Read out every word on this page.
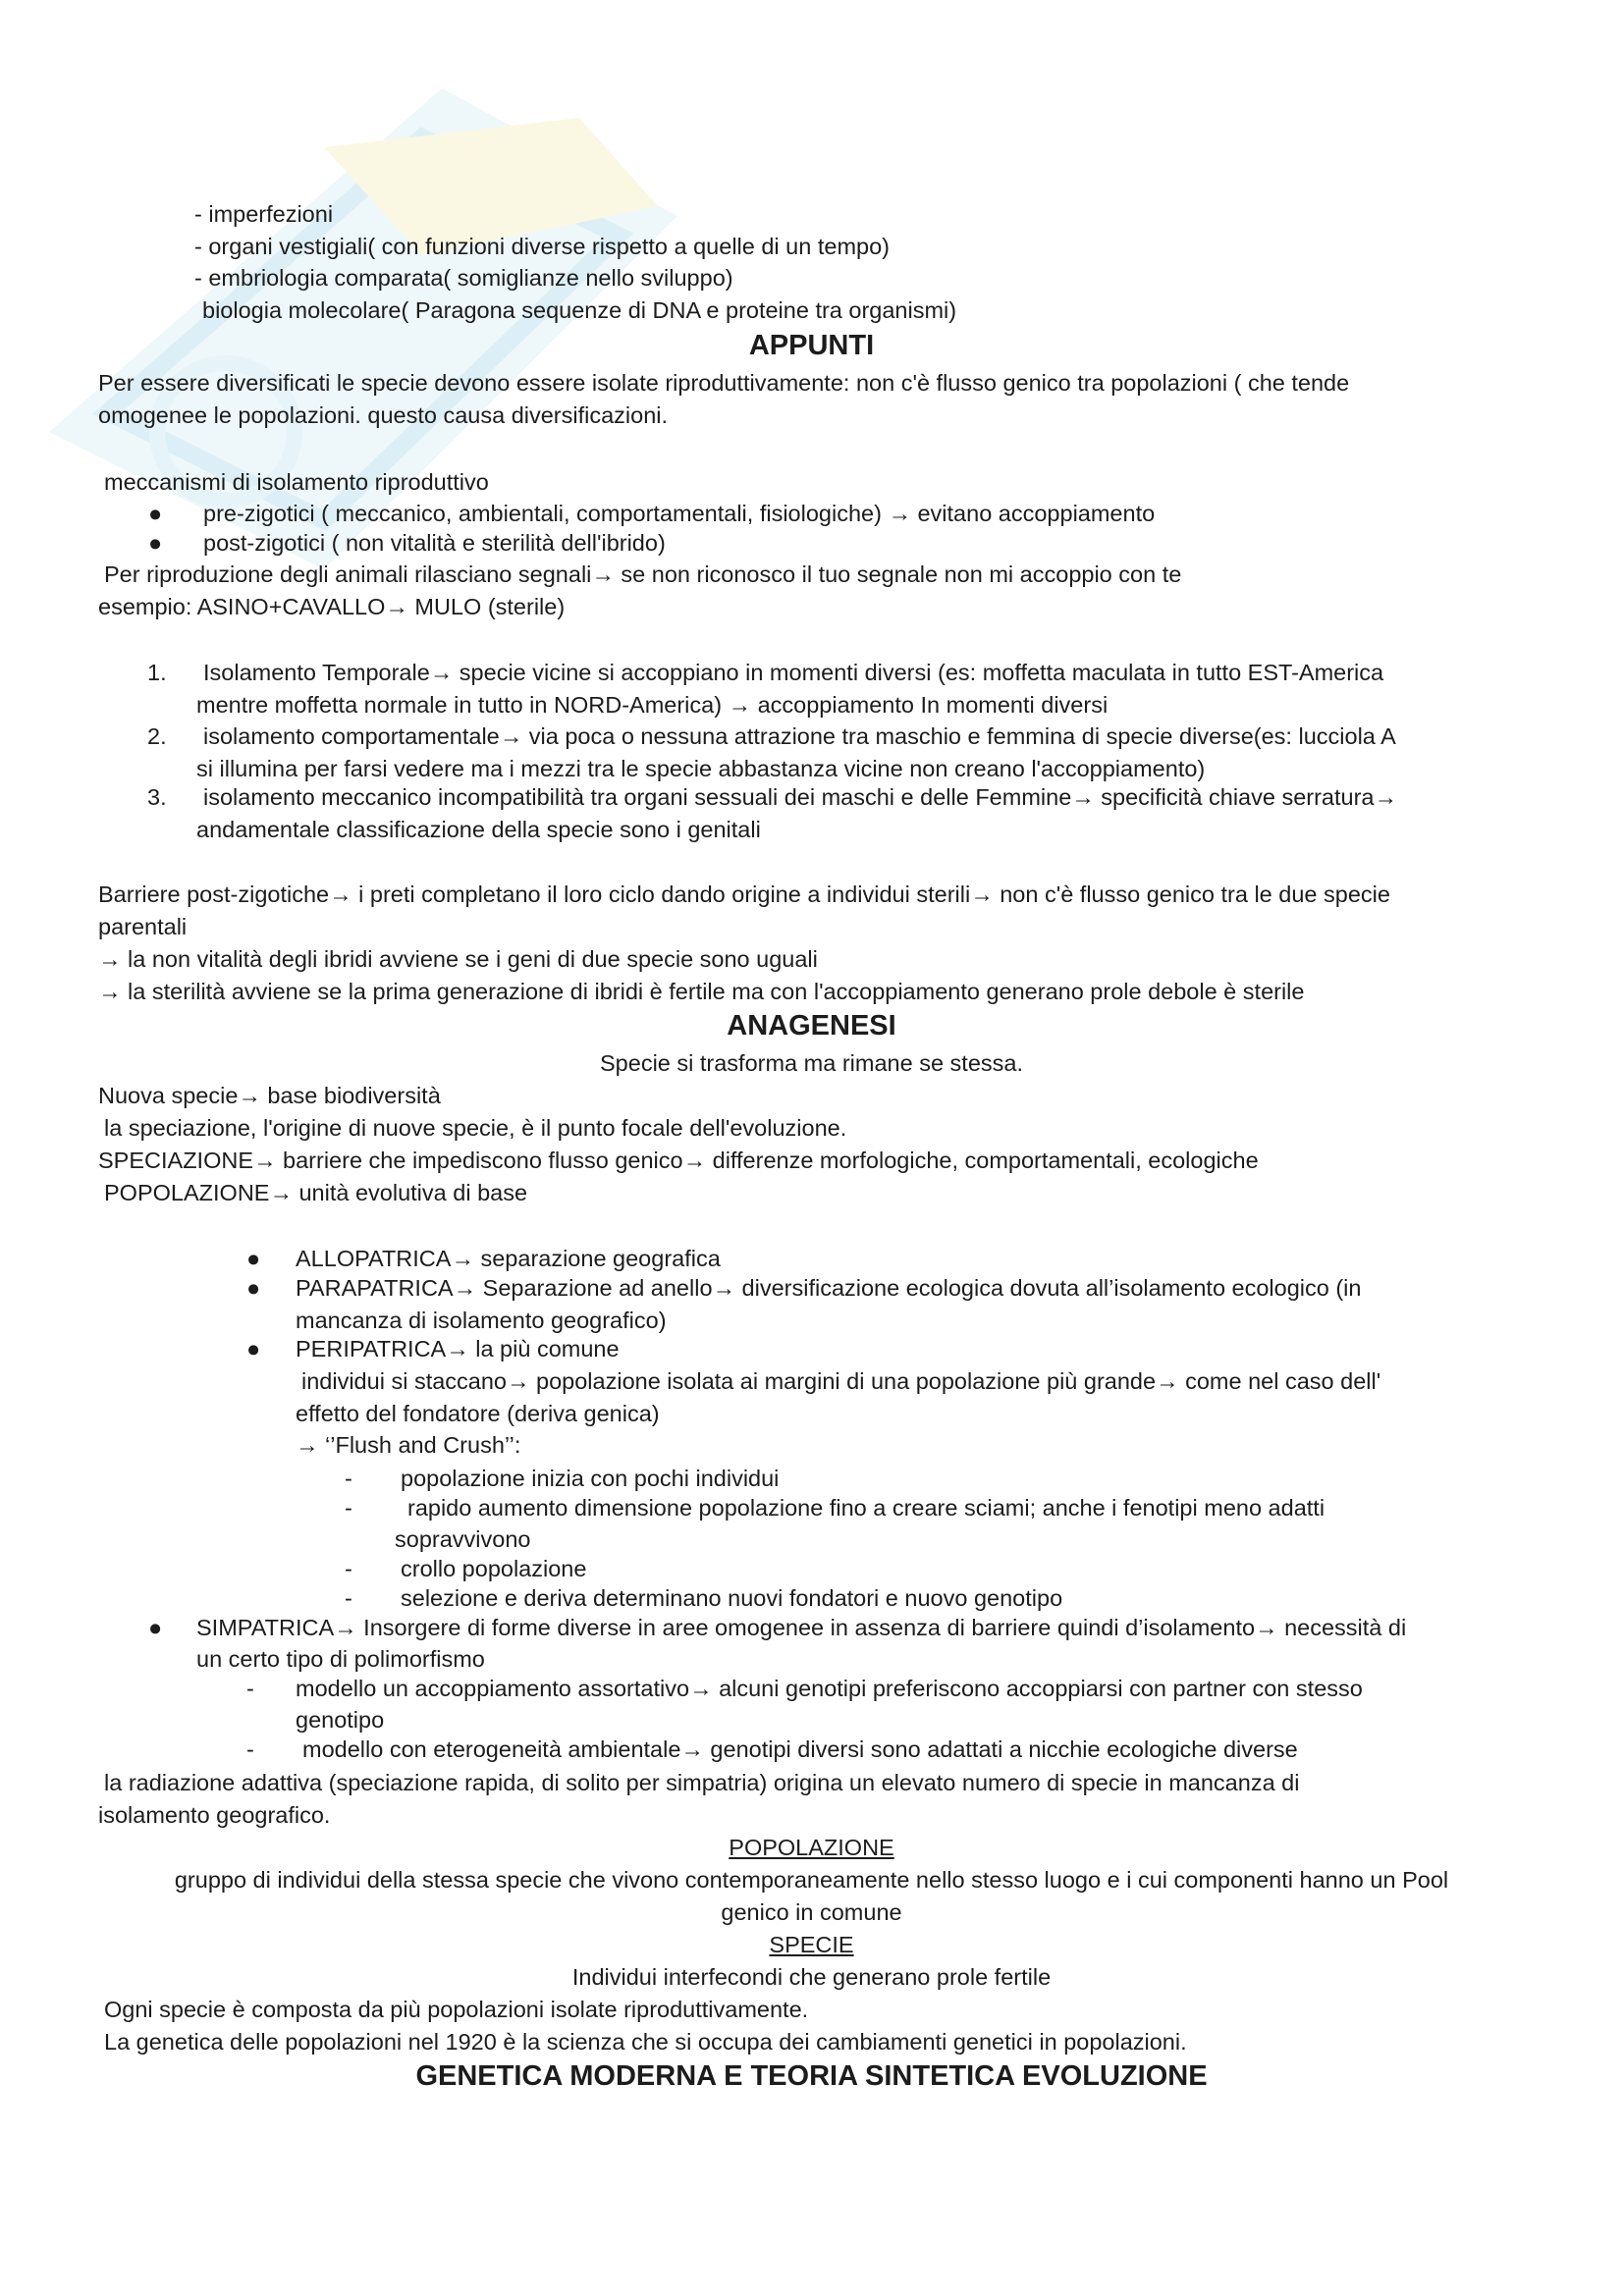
- imperfezioni
- organi vestigiali( con funzioni diverse rispetto a quelle di un tempo)
- embriologia comparata( somiglianze nello sviluppo)
biologia molecolare( Paragona sequenze di DNA e proteine tra organismi)
APPUNTI
Per essere diversificati le specie devono essere isolate riproduttivamente: non c'è flusso genico tra popolazioni ( che tende
omogenee le popolazioni. questo causa diversificazioni.
meccanismi di isolamento riproduttivo
● pre-zigotici ( meccanico, ambientali, comportamentali, fisiologiche) → evitano accoppiamento
● post-zigotici ( non vitalità e sterilità dell'ibrido)
Per riproduzione degli animali rilasciano segnali→ se non riconosco il tuo segnale non mi accoppio con te
esempio: ASINO+CAVALLO→ MULO (sterile)
1. Isolamento Temporale→ specie vicine si accoppiano in momenti diversi (es: moffetta maculata in tutto EST-America
mentre moffetta normale in tutto in NORD-America) → accoppiamento In momenti diversi
2. isolamento comportamentale→ via poca o nessuna attrazione tra maschio e femmina di specie diverse(es: lucciola A
si illumina per farsi vedere ma i mezzi tra le specie abbastanza vicine non creano l'accoppiamento)
3. isolamento meccanico incompatibilità tra organi sessuali dei maschi e delle Femmine→ specificità chiave serratura→
andamentale classificazione della specie sono i genitali
Barriere post-zigotiche→ i preti completano il loro ciclo dando origine a individui sterili→ non c'è flusso genico tra le due specie
parentali
→ la non vitalità degli ibridi avviene se i geni di due specie sono uguali
→ la sterilità avviene se la prima generazione di ibridi è fertile ma con l'accoppiamento generano prole debole è sterile
ANAGENESI
Specie si trasforma ma rimane se stessa.
Nuova specie→ base biodiversità
la speciazione, l'origine di nuove specie, è il punto focale dell'evoluzione.
SPECIAZIONE→ barriere che impediscono flusso genico→ differenze morfologiche, comportamentali, ecologiche
POPOLAZIONE→ unità evolutiva di base
● ALLOPATRICA→ separazione geografica
● PARAPATRICA→ Separazione ad anello→ diversificazione ecologica dovuta all’isolamento ecologico (in
mancanza di isolamento geografico)
● PERIPATRICA→ la più comune
individui si staccano→ popolazione isolata ai margini di una popolazione più grande→ come nel caso dell'
effetto del fondatore (deriva genica)
→ ‘’Flush and Crush’’:
- popolazione inizia con pochi individui
- rapido aumento dimensione popolazione fino a creare sciami; anche i fenotipi meno adatti
sopravvivono
- crollo popolazione
- selezione e deriva determinano nuovi fondatori e nuovo genotipo
● SIMPATRICA→ Insorgere di forme diverse in aree omogenee in assenza di barriere quindi d’isolamento→ necessità di
un certo tipo di polimorfismo
- modello un accoppiamento assortativo→ alcuni genotipi preferiscono accoppiarsi con partner con stesso
genotipo
- modello con eterogeneità ambientale→ genotipi diversi sono adattati a nicchie ecologiche diverse
la radiazione adattiva (speciazione rapida, di solito per simpatria) origina un elevato numero di specie in mancanza di
isolamento geografico.
POPOLAZIONE
gruppo di individui della stessa specie che vivono contemporaneamente nello stesso luogo e i cui componenti hanno un Pool
genico in comune
SPECIE
Individui interfecondi che generano prole fertile
Ogni specie è composta da più popolazioni isolate riproduttivamente.
La genetica delle popolazioni nel 1920 è la scienza che si occupa dei cambiamenti genetici in popolazioni.
GENETICA MODERNA E TEORIA SINTETICA EVOLUZIONE
